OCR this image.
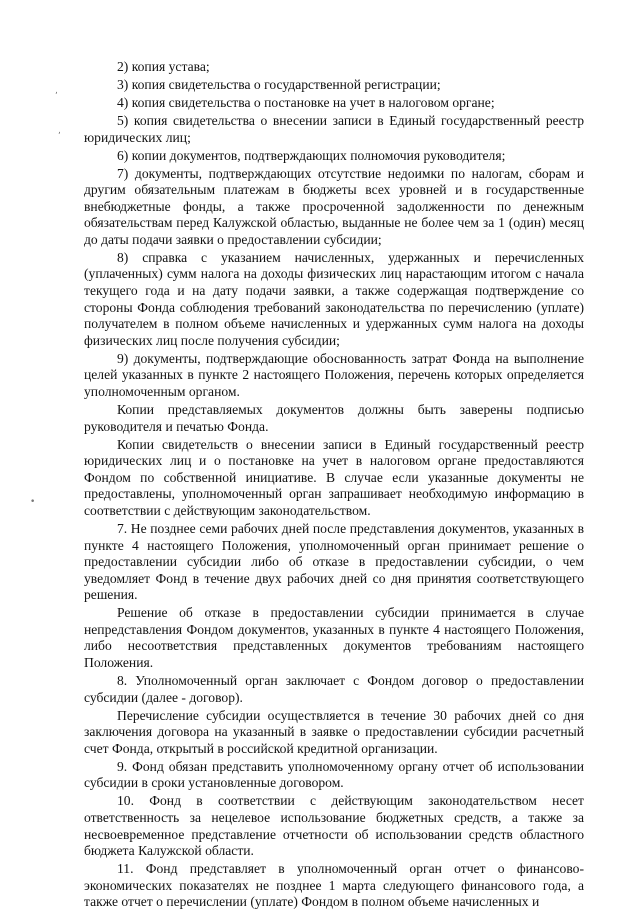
,
,
•

2) копия устава;

3) копия свидетельства о государственной регистрации;

4) копия свидетельства о постановке на учет в налоговом органе;

5) копия свидетельства о внесении записи в Единый государственный реестр юридических лиц;

6) копии документов, подтверждающих полномочия руководителя;

7) документы, подтверждающих отсутствие недоимки по налогам, сборам и другим обязательным платежам в бюджеты всех уровней и в государственные внебюджетные фонды, а также просроченной задолженности по денежным обязательствам перед Калужской областью, выданные не более чем за 1 (один) месяц до даты подачи заявки о предоставлении субсидии;

8) справка с указанием начисленных, удержанных и перечисленных (уплаченных) сумм налога на доходы физических лиц нарастающим итогом с начала текущего года и на дату подачи заявки, а также содержащая подтверждение со стороны Фонда соблюдения требований законодательства по перечислению (уплате) получателем в полном объеме начисленных и удержанных сумм налога на доходы физических лиц после получения субсидии;

9) документы, подтверждающие обоснованность затрат Фонда на выполнение целей указанных в пункте 2 настоящего Положения, перечень которых определяется уполномоченным органом.

Копии представляемых документов должны быть заверены подписью руководителя и печатью Фонда.

Копии свидетельств о внесении записи в Единый государственный реестр юридических лиц и о постановке на учет в налоговом органе предоставляются Фондом по собственной инициативе. В случае если указанные документы не предоставлены, уполномоченный орган запрашивает необходимую информацию в соответствии с действующим законодательством.

7. Не позднее семи рабочих дней после представления документов, указанных в пункте 4 настоящего Положения, уполномоченный орган принимает решение о предоставлении субсидии либо об отказе в предоставлении субсидии, о чем уведомляет Фонд в течение двух рабочих дней со дня принятия соответствующего решения.

Решение об отказе в предоставлении субсидии принимается в случае непредставления Фондом документов, указанных в пункте 4 настоящего Положения, либо несоответствия представленных документов требованиям настоящего Положения.

8. Уполномоченный орган заключает с Фондом договор о предоставлении субсидии (далее - договор).

Перечисление субсидии осуществляется в течение 30 рабочих дней со дня заключения договора на указанный в заявке о предоставлении субсидии расчетный счет Фонда, открытый в российской кредитной организации.

9. Фонд обязан представить уполномоченному органу отчет об использовании субсидии в сроки установленные договором.

10. Фонд в соответствии с действующим законодательством несет ответственность за нецелевое использование бюджетных средств, а также за несвоевременное представление отчетности об использовании средств областного бюджета Калужской области.

11. Фонд представляет в уполномоченный орган отчет о финансово-экономических показателях не позднее 1 марта следующего финансового года, а также отчет о перечислении (уплате) Фондом в полном объеме начисленных и
